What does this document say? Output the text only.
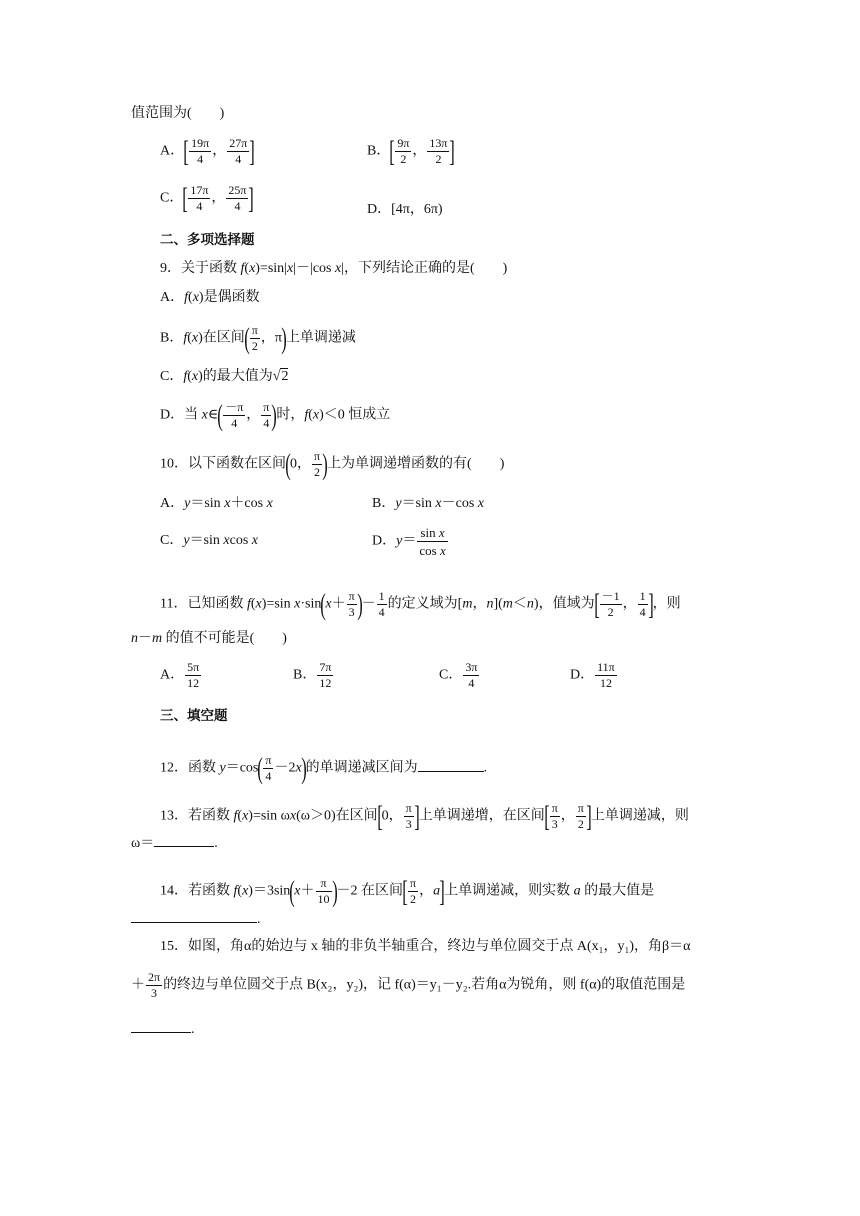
值范围为(　　)
A．[ $\frac{19\pi}{4}$ ， $\frac{27\pi}{4}$ ]	B．[ $\frac{9\pi}{2}$ ， $\frac{13\pi}{2}$ ]
C．[ $\frac{17\pi}{4}$ ， $\frac{25\pi}{4}$ ]	D．[4π，6π)
二、多项选择题
9．关于函数 f(x)=sin|x|－|cos x|，下列结论正确的是(　　)
A．f(x)是偶函数
B．f(x)在区间( $\frac{\pi}{2}$ ，π)上单调递减
C．f(x)的最大值为√2
D．当 x∈( $\frac{-\pi}{4}$ ， $\frac{\pi}{4}$ )时，f(x)＜0 恒成立
10．以下函数在区间(0， $\frac{\pi}{2}$ )上为单调递增函数的有(　　)
A．y＝sin x＋cos x	B．y＝sin x－cos x
C．y＝sin xcos x	D．$y= \frac{\text{sin x}}{\text{cos x}}$
11．已知函数 f(x)=sin $x\cdot\sin(x+ \frac{\pi}{3}$ )－ $\frac{1}{4}$ 的定义域为[m，n](m＜n)，值域为[ $\frac{-1}{2}$ ， $\frac{1}{4}$ ]，则
n－m 的值不可能是(　　)
A． $\frac{5\pi}{12}$	B． $\frac{7\pi}{12}$	C． $\frac{3\pi}{4}$	D． $\frac{11\pi}{12}$
三、填空题
12．函数 $y=\cos( \frac{\pi}{4} -2x)$的单调递减区间为	.
13．若函数 f(x)=sin ωx(ω＞0)在区间[0， $\frac{\pi}{3}$ ]上单调递增，在区间[ $\frac{\pi}{3}$ ， $\frac{\pi}{2}$ ]上单调递减，则
ω＝	.
14．若函数 $f(x)=3\sin(x+ \frac{\pi}{10} )-2$ 在区间[ $\frac{\pi}{2}$ ，a]上单调递减，则实数 a 的最大值是
.
15．如图，角α的始边与 x 轴的非负半轴重合，终边与单位圆交于点 A(x₁，y₁)，角β＝α
＋ $\frac{2\pi}{3}$ 的终边与单位圆交于点 B(x₂，y₂)，记 f(α)＝y₁－y₂.若角α为锐角，则 f(α)的取值范围是
.
